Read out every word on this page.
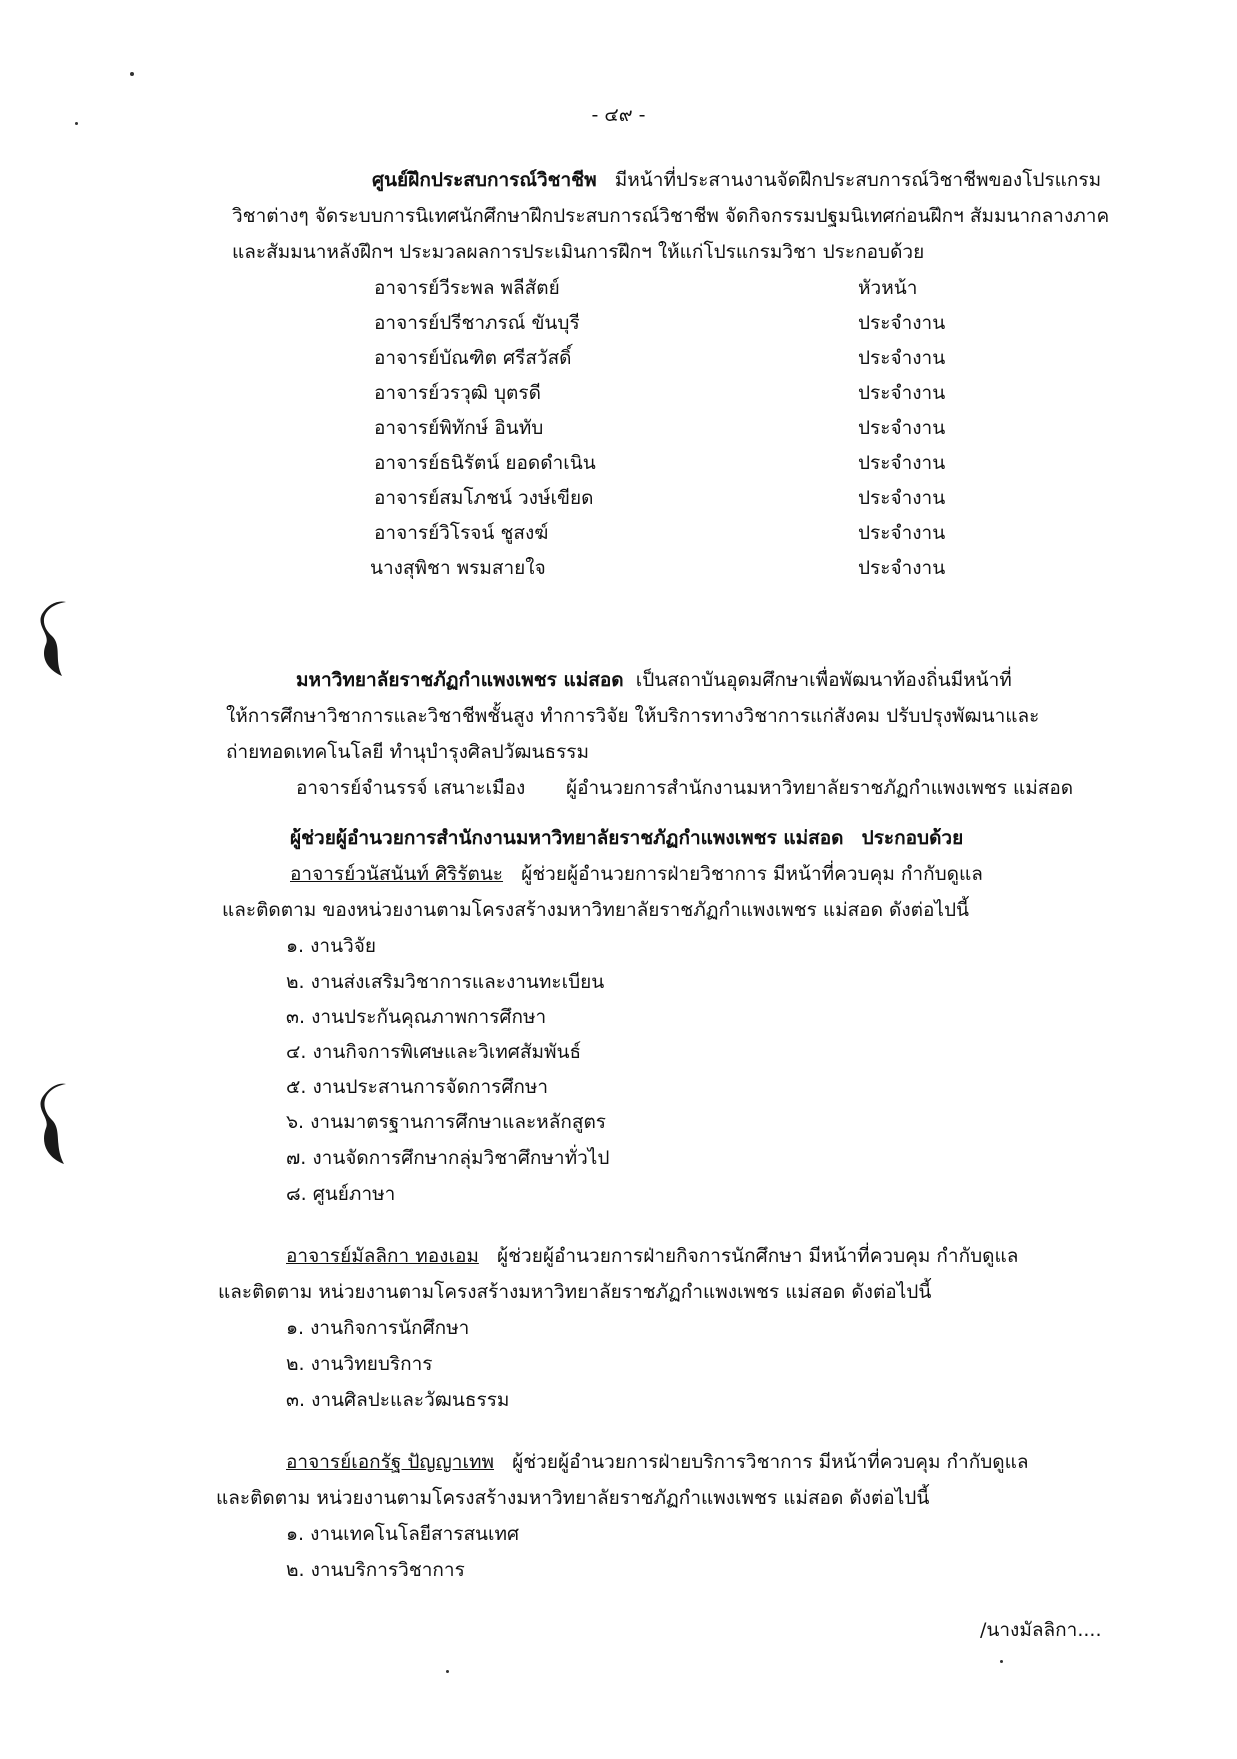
- ๔๙ -
ศูนย์ฝึกประสบการณ์วิชาชีพ มีหน้าที่ประสานงานจัดฝึกประสบการณ์วิชาชีพของโปรแกรม
วิชาต่างๆ จัดระบบการนิเทศนักศึกษาฝึกประสบการณ์วิชาชีพ จัดกิจกรรมปฐมนิเทศก่อนฝึกฯ สัมมนากลางภาค
และสัมมนาหลังฝึกฯ ประมวลผลการประเมินการฝึกฯ ให้แก่โปรแกรมวิชา ประกอบด้วย
อาจารย์วีระพล พลีสัตย์	หัวหน้า
อาจารย์ปรีชาภรณ์ ขันบุรี	ประจำงาน
อาจารย์บัณฑิต ศรีสวัสดิ์	ประจำงาน
อาจารย์วรวุฒิ บุตรดี	ประจำงาน
อาจารย์พิทักษ์ อินทับ	ประจำงาน
อาจารย์ธนิรัตน์ ยอดดำเนิน	ประจำงาน
อาจารย์สมโภชน์ วงษ์เขียด	ประจำงาน
อาจารย์วิโรจน์ ชูสงฆ์	ประจำงาน
นางสุพิชา พรมสายใจ	ประจำงาน
มหาวิทยาลัยราชภัฏกำแพงเพชร แม่สอด เป็นสถาบันอุดมศึกษาเพื่อพัฒนาท้องถิ่นมีหน้าที่
ให้การศึกษาวิชาการและวิชาชีพชั้นสูง ทำการวิจัย ให้บริการทางวิชาการแก่สังคม ปรับปรุงพัฒนาและ
ถ่ายทอดเทคโนโลยี ทำนุบำรุงศิลปวัฒนธรรม
อาจารย์จำนรรจ์ เสนาะเมือง ผู้อำนวยการสำนักงานมหาวิทยาลัยราชภัฏกำแพงเพชร แม่สอด
ผู้ช่วยผู้อำนวยการสำนักงานมหาวิทยาลัยราชภัฏกำแพงเพชร แม่สอด ประกอบด้วย
อาจารย์วนัสนันท์ ศิริรัตนะ ผู้ช่วยผู้อำนวยการฝ่ายวิชาการ มีหน้าที่ควบคุม กำกับดูแล
และติดตาม ของหน่วยงานตามโครงสร้างมหาวิทยาลัยราชภัฏกำแพงเพชร แม่สอด ดังต่อไปนี้
๑. งานวิจัย
๒. งานส่งเสริมวิชาการและงานทะเบียน
๓. งานประกันคุณภาพการศึกษา
๔. งานกิจการพิเศษและวิเทศสัมพันธ์
๕. งานประสานการจัดการศึกษา
๖. งานมาตรฐานการศึกษาและหลักสูตร
๗. งานจัดการศึกษากลุ่มวิชาศึกษาทั่วไป
๘. ศูนย์ภาษา
อาจารย์มัลลิกา ทองเอม ผู้ช่วยผู้อำนวยการฝ่ายกิจการนักศึกษา มีหน้าที่ควบคุม กำกับดูแล
และติดตาม หน่วยงานตามโครงสร้างมหาวิทยาลัยราชภัฏกำแพงเพชร แม่สอด ดังต่อไปนี้
๑. งานกิจการนักศึกษา
๒. งานวิทยบริการ
๓. งานศิลปะและวัฒนธรรม
อาจารย์เอกรัฐ ปัญญาเทพ ผู้ช่วยผู้อำนวยการฝ่ายบริการวิชาการ มีหน้าที่ควบคุม กำกับดูแล
และติดตาม หน่วยงานตามโครงสร้างมหาวิทยาลัยราชภัฏกำแพงเพชร แม่สอด ดังต่อไปนี้
๑. งานเทคโนโลยีสารสนเทศ
๒. งานบริการวิชาการ
/นางมัลลิกา....
